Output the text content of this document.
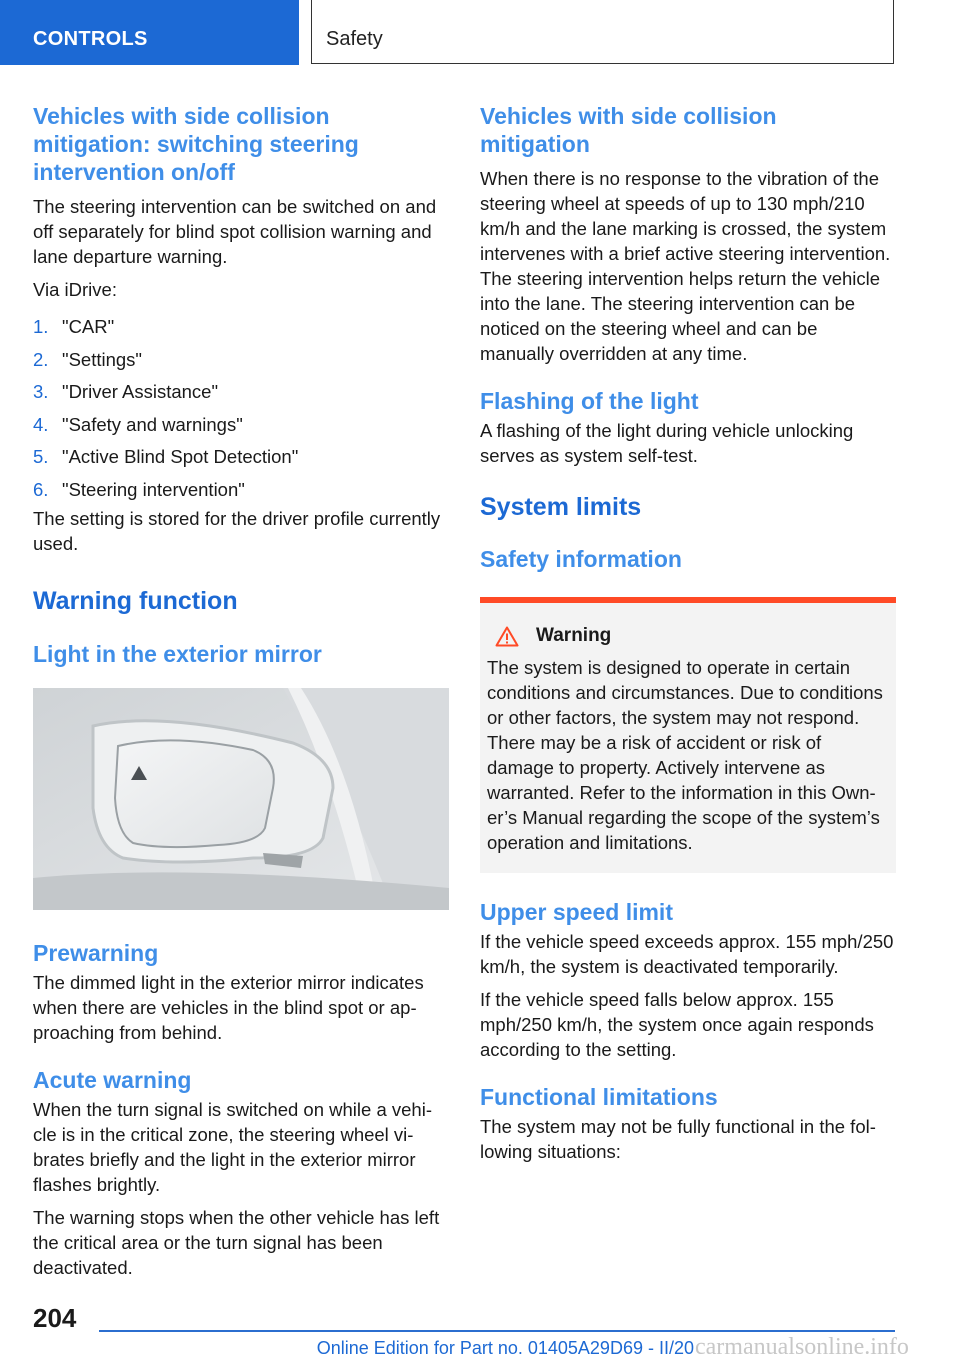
CONTROLS	Safety
Vehicles with side collision mitigation: switching steering intervention on/off

The steering intervention can be switched on and off separately for blind spot collision warning and lane departure warning.

Via iDrive:

1. "CAR"
2. "Settings"
3. "Driver Assistance"
4. "Safety and warnings"
5. "Active Blind Spot Detection"
6. "Steering intervention"

The setting is stored for the driver profile currently used.

Warning function
Light in the exterior mirror
Prewarning

The dimmed light in the exterior mirror indicates when there are vehicles in the blind spot or approaching from behind.

Acute warning

When the turn signal is switched on while a vehicle is in the critical zone, the steering wheel vibrates briefly and the light in the exterior mirror flashes brightly.

The warning stops when the other vehicle has left the critical area or the turn signal has been deactivated.

Vehicles with side collision mitigation

When there is no response to the vibration of the steering wheel at speeds of up to 130 mph/210 km/h and the lane marking is crossed, the system intervenes with a brief active steering intervention. The steering intervention helps return the vehicle into the lane. The steering intervention can be noticed on the steering wheel and can be manually overridden at any time.

Flashing of the light

A flashing of the light during vehicle unlocking serves as system self-test.

System limits
Safety information
Warning

The system is designed to operate in certain conditions and circumstances. Due to conditions or other factors, the system may not respond. There may be a risk of accident or risk of damage to property. Actively intervene as warranted. Refer to the information in this Owner’s Manual regarding the scope of the system’s operation and limitations.

Upper speed limit

If the vehicle speed exceeds approx. 155 mph/250 km/h, the system is deactivated temporarily.

If the vehicle speed falls below approx. 155 mph/250 km/h, the system once again responds according to the setting.

Functional limitations

The system may not be fully functional in the following situations:

204
Online Edition for Part no. 01405A29D69 - II/20 carmanualsonline.info
